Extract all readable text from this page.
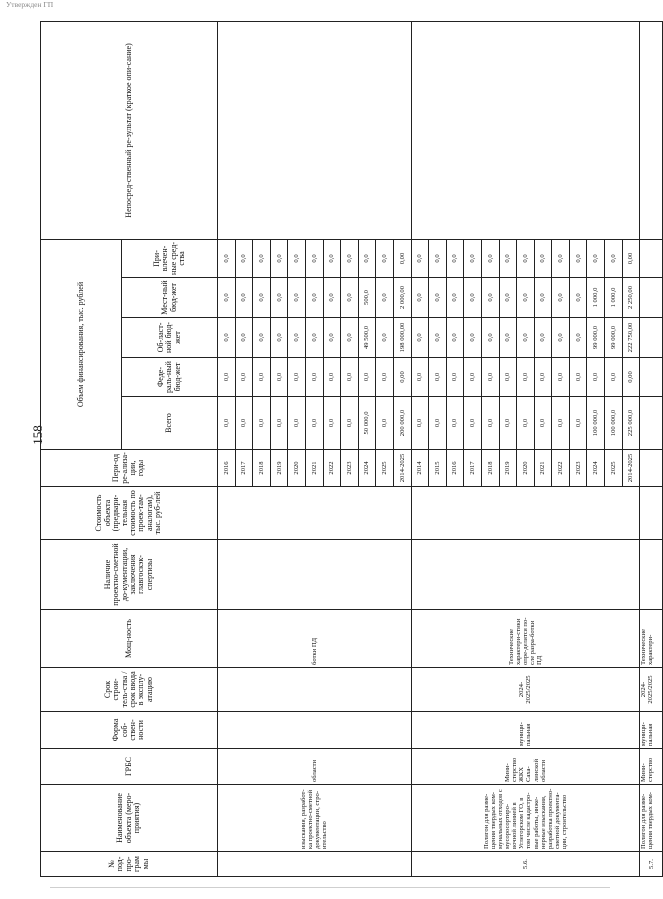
Утвержден ГП
158
№ под-про-грам мы	Наименование объекта (меро-приятия)	ГРБС	Форма соб-ствен-ности	Срок строи-тель-ства / срок ввода в эксплу-атацию	Мощ-ность	Наличие проектно-сметной до-кументации, заключения главгоскэк-спертизы	Стоимость объекта (предвари-тельная стоимость по проек-там-аналогам), тыс. руб-лей	Пери-од ре-ализа-ции, годы	Объем финансирования, тыс. рублей					Непосред-ственный ре-зультат (краткое опи-сание)
									Всего	Феде-раль-ный бюд-жет	Об-ласт-ной бюд-жет	Мест-ный бюд-жет	При-влечен-ные сред-ства	
	изыскания, разработ-ка проектно-сметной документации, стро-ительство	области			ботки ПД			2016	0,0	0,0	0,0	0,0	0,0	
								2017	0,0	0,0	0,0	0,0	0,0	
								2018	0,0	0,0	0,0	0,0	0,0	
								2019	0,0	0,0	0,0	0,0	0,0	
								2020	0,0	0,0	0,0	0,0	0,0	
								2021	0,0	0,0	0,0	0,0	0,0	
								2022	0,0	0,0	0,0	0,0	0,0	
								2023	0,0	0,0	0,0	0,0	0,0	
								2024	50 000,0	0,0	49 500,0	500,0	0,0	
								2025	0,0	0,0	0,0	0,0	0,0	
								2014-2025	200 000,0	0,00	198 000,00	2 000,00	0,00	
5.6.	Полигон для разме-щения твердых ком-мунальных отходов с мусоросортиро-вочной линией в Углегорском ГО, в том числе кадастро-вые работы, инже-нерные изыскания, разработка проектно-сметной документа-ции, строительство	Мини-стерство ЖКХ Саха-линской области	муници-пальная	2024-2025/2025	Технические характери-стики опре-делятся по-сле разра-ботки ПД			2014	0,0	0,0	0,0	0,0	0,0	
								2015	0,0	0,0	0,0	0,0	0,0	
								2016	0,0	0,0	0,0	0,0	0,0	
								2017	0,0	0,0	0,0	0,0	0,0	
								2018	0,0	0,0	0,0	0,0	0,0	
								2019	0,0	0,0	0,0	0,0	0,0	
								2020	0,0	0,0	0,0	0,0	0,0	
								2021	0,0	0,0	0,0	0,0	0,0	
								2022	0,0	0,0	0,0	0,0	0,0	
								2023	0,0	0,0	0,0	0,0	0,0	
								2024	100 000,0	0,0	99 000,0	1 000,0	0,0	
								2025	100 000,0	0,0	99 000,0	1 000,0	0,0	
								2014-2025	225 000,0	0,00	222 750,00	2 250,00	0,00	
5.7.	Полигон для разме-щения твердых ком-	Мини-стерство	муници-пальная	2024-2025/2025	Технические характери-									
